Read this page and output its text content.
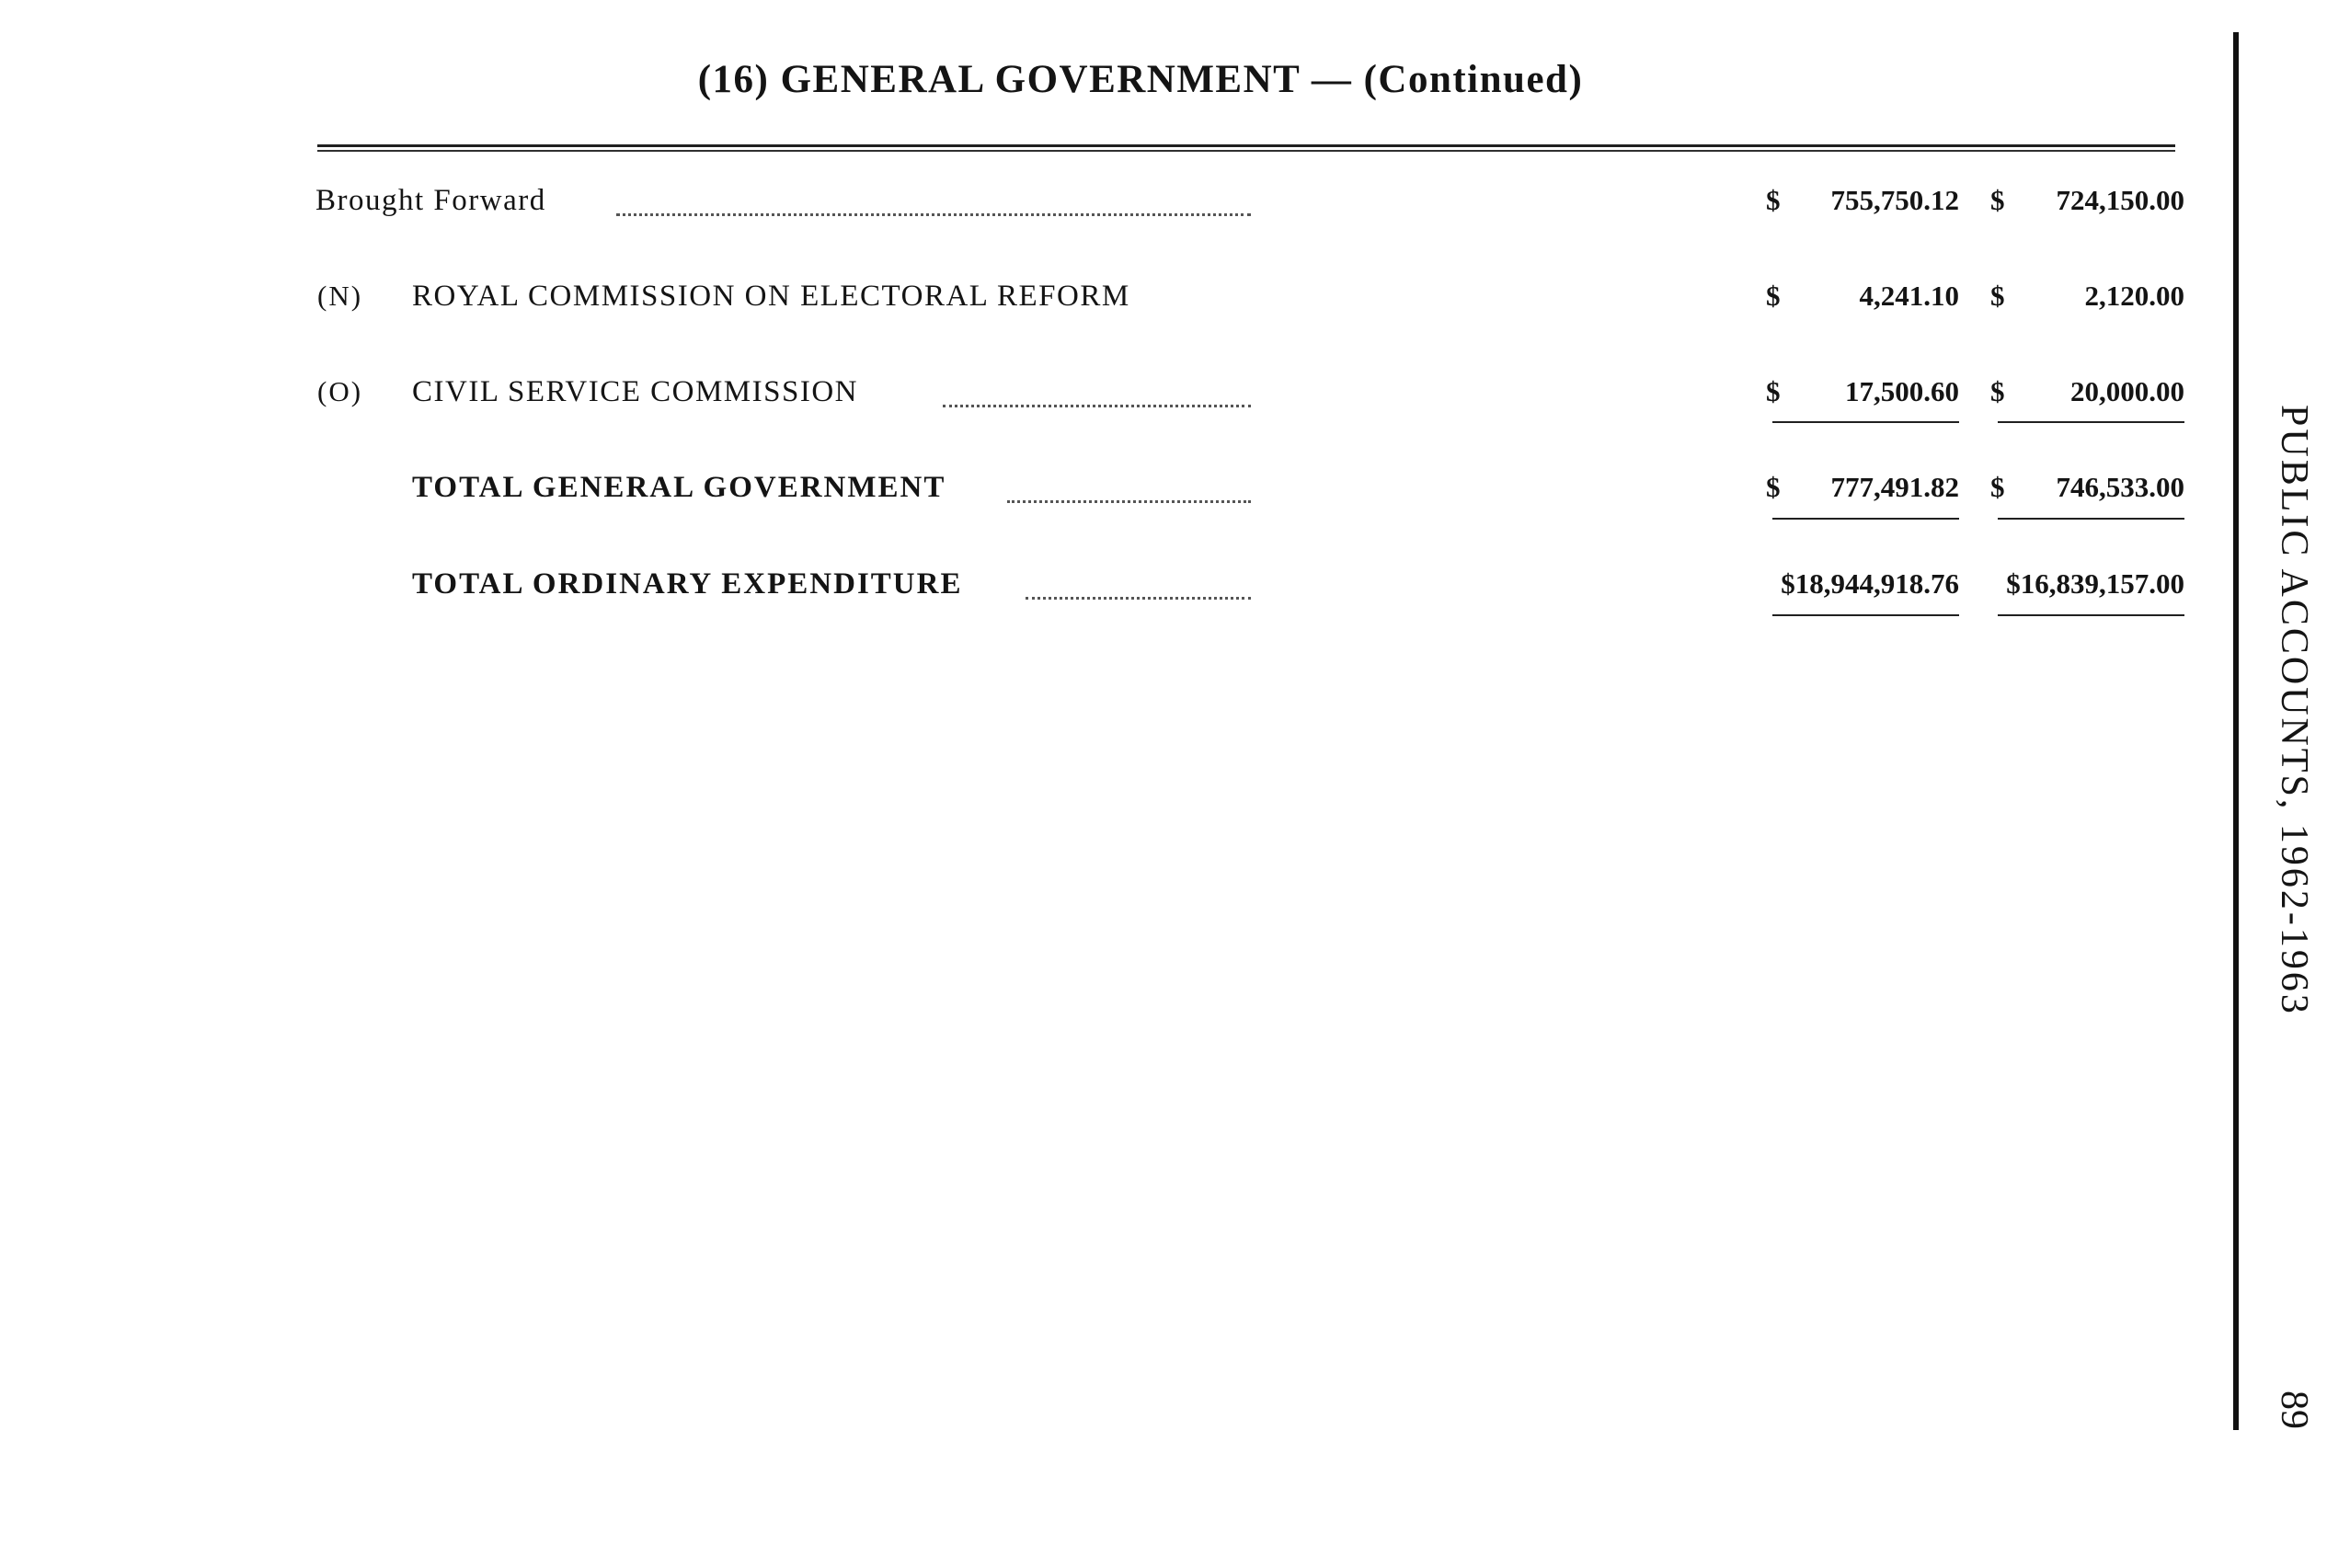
(16) GENERAL GOVERNMENT — (Continued)
Brought Forward	$	755,750.12 $	724,150.00
(N) ROYAL COMMISSION ON ELECTORAL REFORM	$	4,241.10 $	2,120.00
(O) CIVIL SERVICE COMMISSION	$	17,500.60 $	20,000.00
TOTAL GENERAL GOVERNMENT	$	777,491.82 $	746,533.00
TOTAL ORDINARY EXPENDITURE	$18,944,918.76	$16,839,157.00 PUBLIC ACCOUNTS, 1962-1963
89
